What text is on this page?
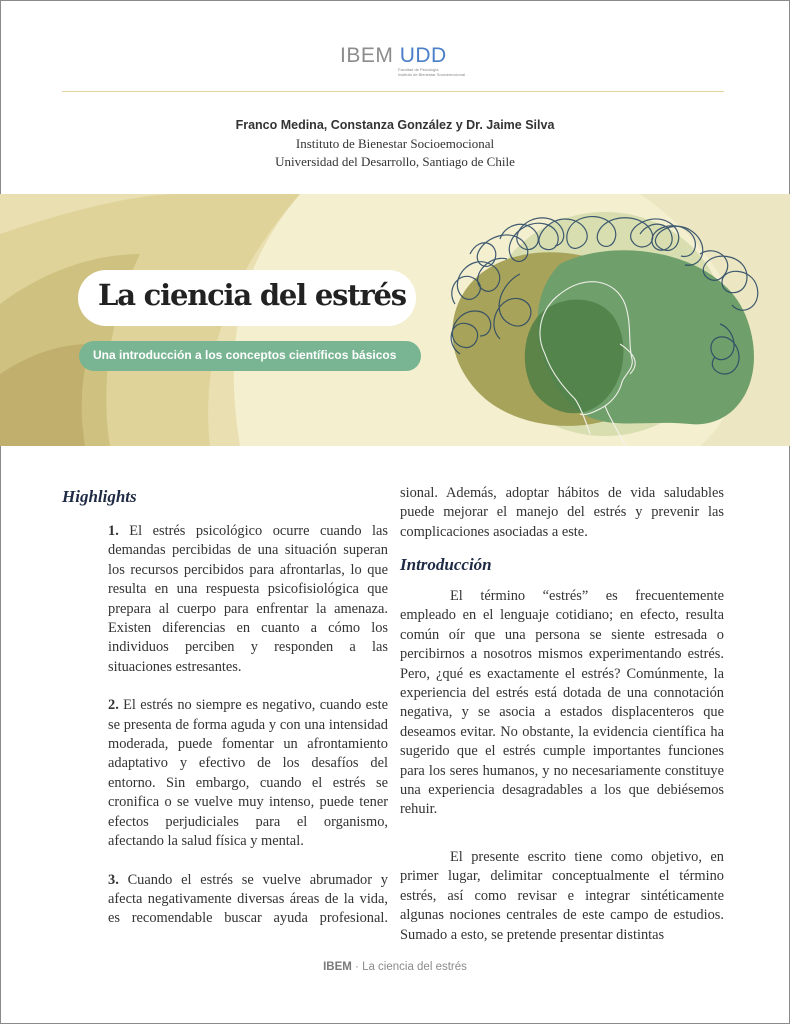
IBEM UDD
Facultad de Psicología
Instituto de Bienestar Socioemocional
Franco Medina, Constanza González y Dr. Jaime Silva
Instituto de Bienestar Socioemocional
Universidad del Desarrollo, Santiago de Chile
La ciencia del estrés
Una introducción a los conceptos científicos básicos
Highlights

1. El estrés psicológico ocurre cuando las demandas percibidas de una situación superan los recursos percibidos para afrontarlas, lo que resulta en una respuesta psicofisiológica que prepara al cuerpo para enfrentar la amenaza. Existen diferencias en cuanto a cómo los individuos perciben y responden a las situaciones estresantes.

2. El estrés no siempre es negativo, cuando este se presenta de forma aguda y con una intensidad moderada, puede fomentar un afrontamiento adaptativo y efectivo de los desafíos del entorno. Sin embargo, cuando el estrés se cronifica o se vuelve muy intenso, puede tener efectos perjudiciales para el organismo, afectando la salud física y mental.

3. Cuando el estrés se vuelve abrumador y afecta negativamente diversas áreas de la vida, es recomendable buscar ayuda profesional.

sional. Además, adoptar hábitos de vida saludables puede mejorar el manejo del estrés y prevenir las complicaciones asociadas a este.
Introducción

El término “estrés” es frecuentemente empleado en el lenguaje cotidiano; en efecto, resulta común oír que una persona se siente estresada o percibirnos a nosotros mismos experimentando estrés. Pero, ¿qué es exactamente el estrés? Comúnmente, la experiencia del estrés está dotada de una connotación negativa, y se asocia a estados displacenteros que deseamos evitar. No obstante, la evidencia científica ha sugerido que el estrés cumple importantes funciones para los seres humanos, y no necesariamente constituye una experiencia desagradables a los que debiésemos rehuir.

El presente escrito tiene como objetivo, en primer lugar, delimitar conceptualmente el término estrés, así como revisar e integrar sintéticamente algunas nociones centrales de este campo de estudios. Sumado a esto, se pretende presentar distintas

IBEM · La ciencia del estrés
